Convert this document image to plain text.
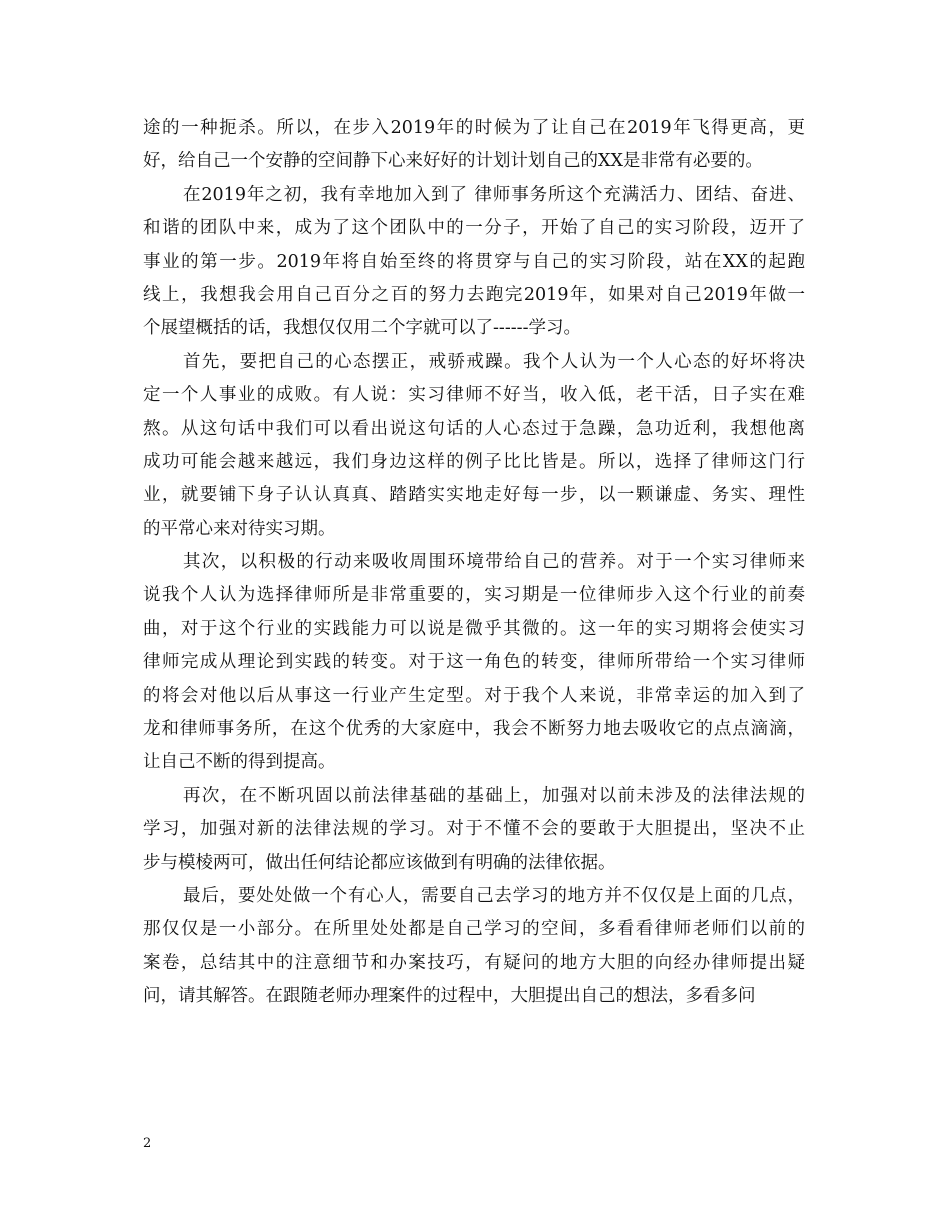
途的一种扼杀。所以，在步入2019年的时候为了让自己在2019年飞得更高，更
好，给自己一个安静的空间静下心来好好的计划计划自己的XX是非常有必要的。
在2019年之初，我有幸地加入到了 律师事务所这个充满活力、团结、奋进、
和谐的团队中来，成为了这个团队中的一分子，开始了自己的实习阶段，迈开了
事业的第一步。2019年将自始至终的将贯穿与自己的实习阶段，站在XX的起跑
线上，我想我会用自己百分之百的努力去跑完2019年，如果对自己2019年做一
个展望概括的话，我想仅仅用二个字就可以了------学习。
首先，要把自己的心态摆正，戒骄戒躁。我个人认为一个人心态的好坏将决
定一个人事业的成败。有人说：实习律师不好当，收入低，老干活，日子实在难
熬。从这句话中我们可以看出说这句话的人心态过于急躁，急功近利，我想他离
成功可能会越来越远，我们身边这样的例子比比皆是。所以，选择了律师这门行
业，就要铺下身子认认真真、踏踏实实地走好每一步，以一颗谦虚、务实、理性
的平常心来对待实习期。
其次，以积极的行动来吸收周围环境带给自己的营养。对于一个实习律师来
说我个人认为选择律师所是非常重要的，实习期是一位律师步入这个行业的前奏
曲，对于这个行业的实践能力可以说是微乎其微的。这一年的实习期将会使实习
律师完成从理论到实践的转变。对于这一角色的转变，律师所带给一个实习律师
的将会对他以后从事这一行业产生定型。对于我个人来说，非常幸运的加入到了
龙和律师事务所，在这个优秀的大家庭中，我会不断努力地去吸收它的点点滴滴，
让自己不断的得到提高。
再次，在不断巩固以前法律基础的基础上，加强对以前未涉及的法律法规的
学习，加强对新的法律法规的学习。对于不懂不会的要敢于大胆提出，坚决不止
步与模棱两可，做出任何结论都应该做到有明确的法律依据。
最后，要处处做一个有心人，需要自己去学习的地方并不仅仅是上面的几点，
那仅仅是一小部分。在所里处处都是自己学习的空间，多看看律师老师们以前的
案卷，总结其中的注意细节和办案技巧，有疑问的地方大胆的向经办律师提出疑
问，请其解答。在跟随老师办理案件的过程中，大胆提出自己的想法，多看多问
2
